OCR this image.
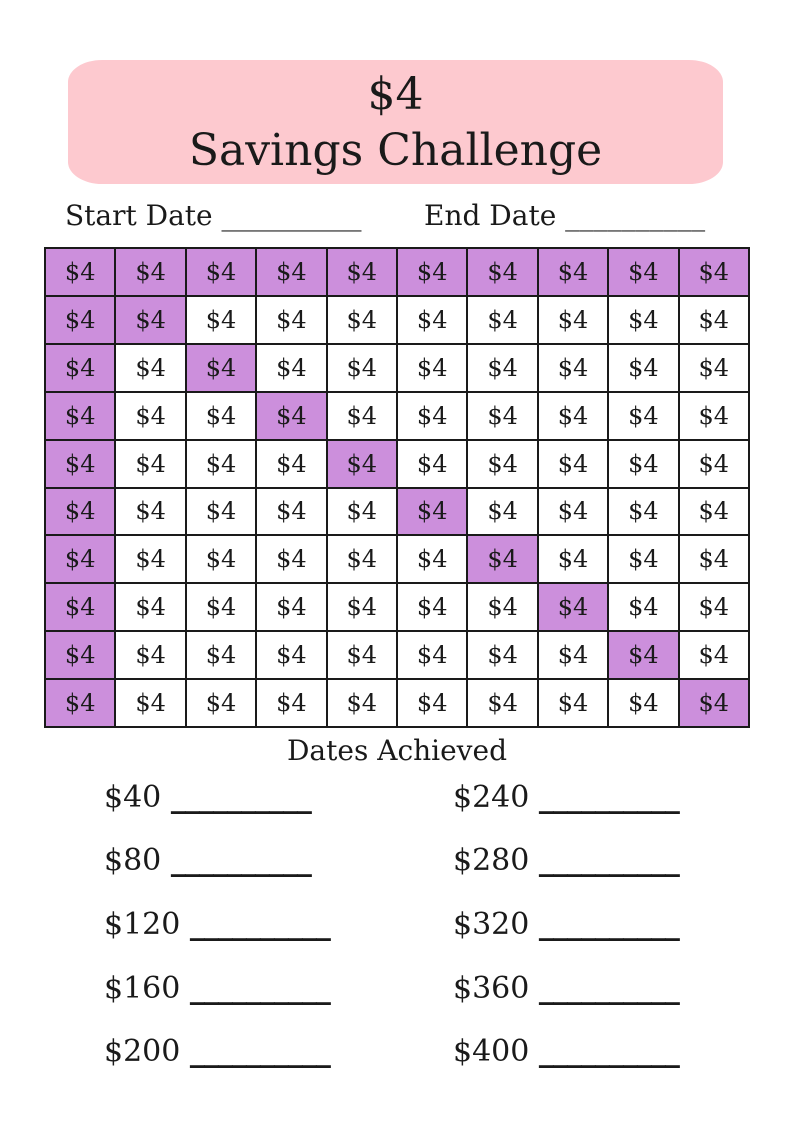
$4
Savings Challenge
Start Date __________ End Date __________
$4	$4	$4	$4	$4	$4	$4	$4	$4	$4
$4	$4	$4	$4	$4	$4	$4	$4	$4	$4
$4	$4	$4	$4	$4	$4	$4	$4	$4	$4
$4	$4	$4	$4	$4	$4	$4	$4	$4	$4
$4	$4	$4	$4	$4	$4	$4	$4	$4	$4
$4	$4	$4	$4	$4	$4	$4	$4	$4	$4
$4	$4	$4	$4	$4	$4	$4	$4	$4	$4
$4	$4	$4	$4	$4	$4	$4	$4	$4	$4
$4	$4	$4	$4	$4	$4	$4	$4	$4	$4
$4	$4	$4	$4	$4	$4	$4	$4	$4	$4
Dates Achieved
$40 __________
$80 __________
$120 __________
$160 __________
$200 __________
$240 __________
$280 __________
$320 __________
$360 __________
$400 __________
